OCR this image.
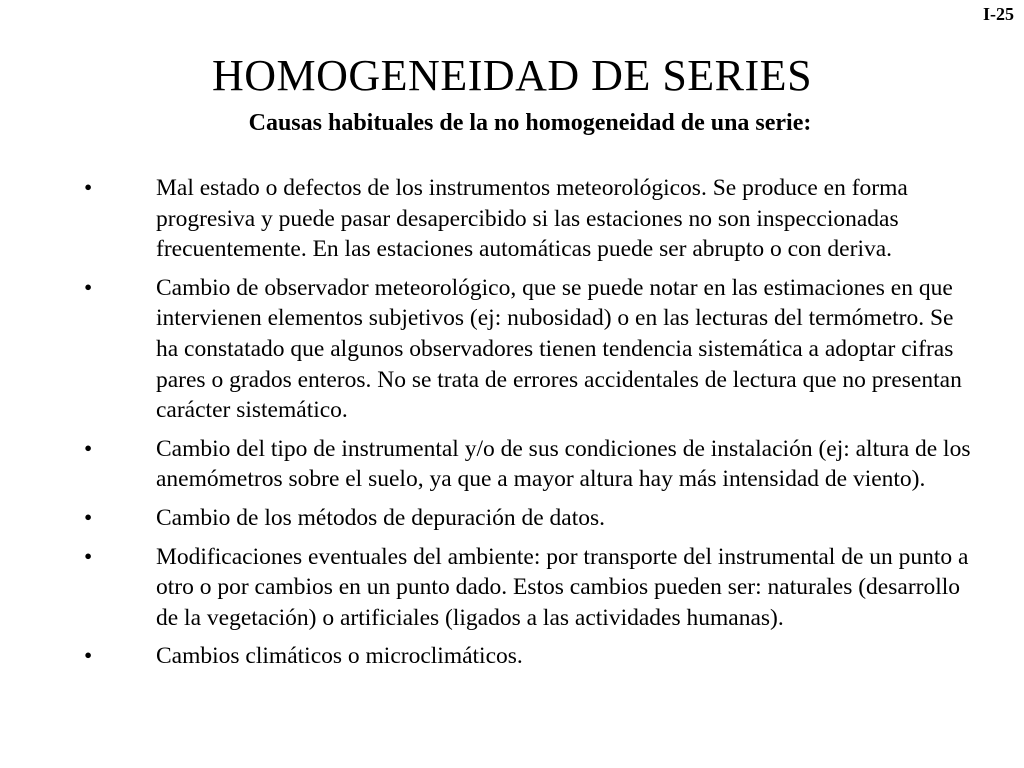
I-25
HOMOGENEIDAD DE SERIES
Causas habituales de la no homogeneidad de una serie:
•	Mal estado o defectos de los instrumentos meteorológicos. Se produce en forma progresiva y puede pasar desapercibido si las estaciones no son inspeccionadas frecuentemente. En las estaciones automáticas puede ser abrupto o con deriva.
•	Cambio de observador meteorológico, que se puede notar en las estimaciones en que intervienen elementos subjetivos (ej: nubosidad) o en las lecturas del termómetro. Se ha constatado que algunos observadores tienen tendencia sistemática a adoptar cifras pares o grados enteros. No se trata de errores accidentales de lectura que no presentan carácter sistemático.
•	Cambio del tipo de instrumental y/o de sus condiciones de instalación (ej: altura de los anemómetros sobre el suelo, ya que a mayor altura hay más intensidad de viento).
•	Cambio de los métodos de depuración de datos.
•	Modificaciones eventuales del ambiente: por transporte del instrumental de un punto a otro o por cambios en un punto dado. Estos cambios pueden ser: naturales (desarrollo de la vegetación) o artificiales (ligados a las actividades humanas).
•	Cambios climáticos o microclimáticos.
